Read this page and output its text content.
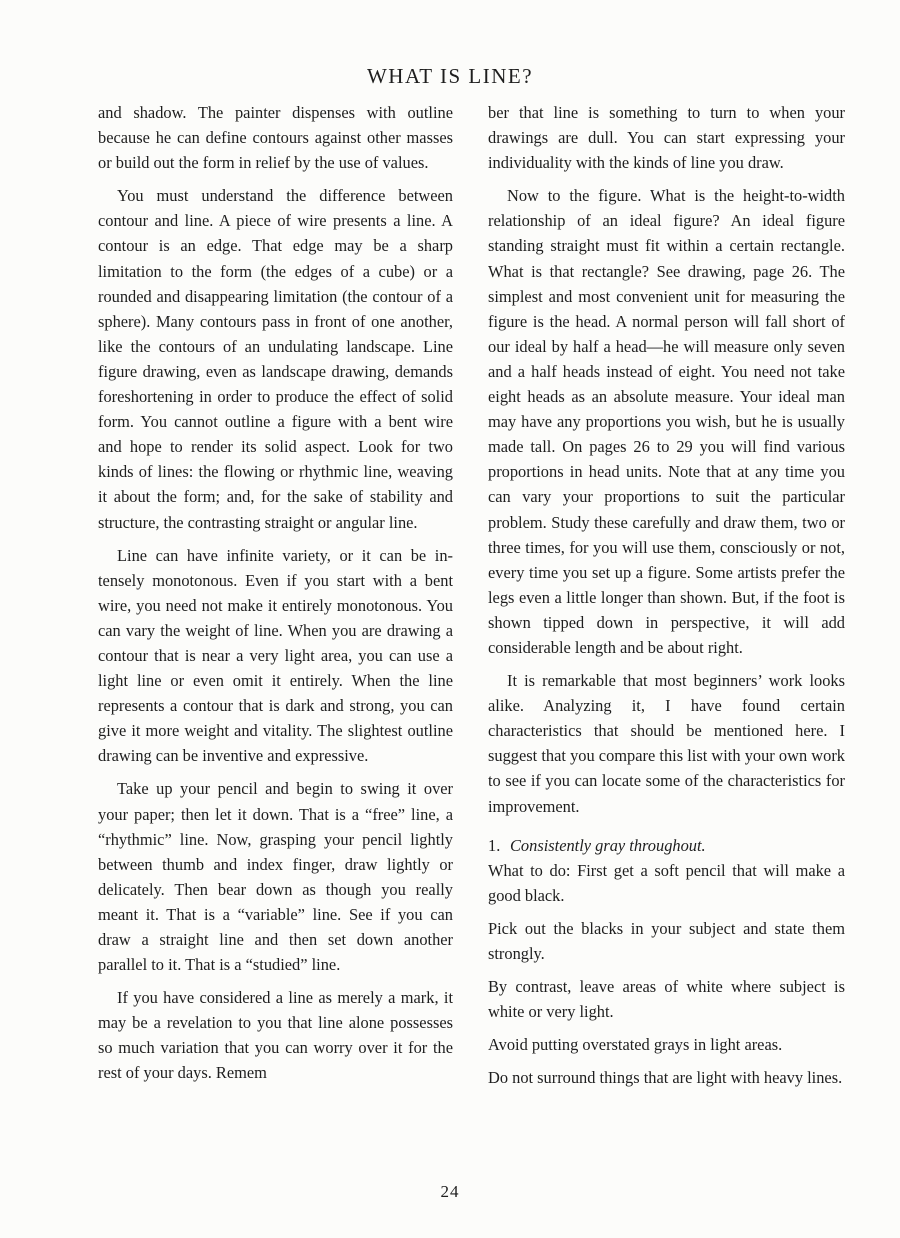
WHAT IS LINE?

and shadow. The painter dispenses with outline because he can define contours against other masses or build out the form in relief by the use of values.

You must understand the difference between contour and line. A piece of wire presents a line. A contour is an edge. That edge may be a sharp limitation to the form (the edges of a cube) or a rounded and disappearing limitation (the contour of a sphere). Many contours pass in front of one another, like the contours of an undulating landscape. Line figure drawing, even as landscape drawing, demands foreshortening in order to produce the effect of solid form. You cannot outline a figure with a bent wire and hope to render its solid aspect. Look for two kinds of lines: the flowing or rhythmic line, weaving it about the form; and, for the sake of stability and structure, the contrasting straight or angular line.

Line can have infinite variety, or it can be intensely monotonous. Even if you start with a bent wire, you need not make it entirely monotonous. You can vary the weight of line. When you are drawing a contour that is near a very light area, you can use a light line or even omit it entirely. When the line represents a contour that is dark and strong, you can give it more weight and vitality. The slightest outline drawing can be inventive and expressive.

Take up your pencil and begin to swing it over your paper; then let it down. That is a “free” line, a “rhythmic” line. Now, grasping your pencil lightly between thumb and index finger, draw lightly or delicately. Then bear down as though you really meant it. That is a “variable” line. See if you can draw a straight line and then set down another parallel to it. That is a “studied” line.

If you have considered a line as merely a mark, it may be a revelation to you that line alone possesses so much variation that you can worry over it for the rest of your days. Remem

ber that line is something to turn to when your drawings are dull. You can start expressing your individuality with the kinds of line you draw.

Now to the figure. What is the height-to-width relationship of an ideal figure? An ideal figure standing straight must fit within a certain rectangle. What is that rectangle? See drawing, page 26. The simplest and most convenient unit for measuring the figure is the head. A normal person will fall short of our ideal by half a head—he will measure only seven and a half heads instead of eight. You need not take eight heads as an absolute measure. Your ideal man may have any proportions you wish, but he is usually made tall. On pages 26 to 29 you will find various proportions in head units. Note that at any time you can vary your proportions to suit the particular problem. Study these carefully and draw them, two or three times, for you will use them, consciously or not, every time you set up a figure. Some artists prefer the legs even a little longer than shown. But, if the foot is shown tipped down in perspective, it will add considerable length and be about right.

It is remarkable that most beginners’ work looks alike. Analyzing it, I have found certain characteristics that should be mentioned here. I suggest that you compare this list with your own work to see if you can locate some of the characteristics for improvement.

1. Consistently gray throughout.

What to do: First get a soft pencil that will make a good black.

Pick out the blacks in your subject and state them strongly.

By contrast, leave areas of white where subject is white or very light.

Avoid putting overstated grays in light areas.

Do not surround things that are light with heavy lines.

24
